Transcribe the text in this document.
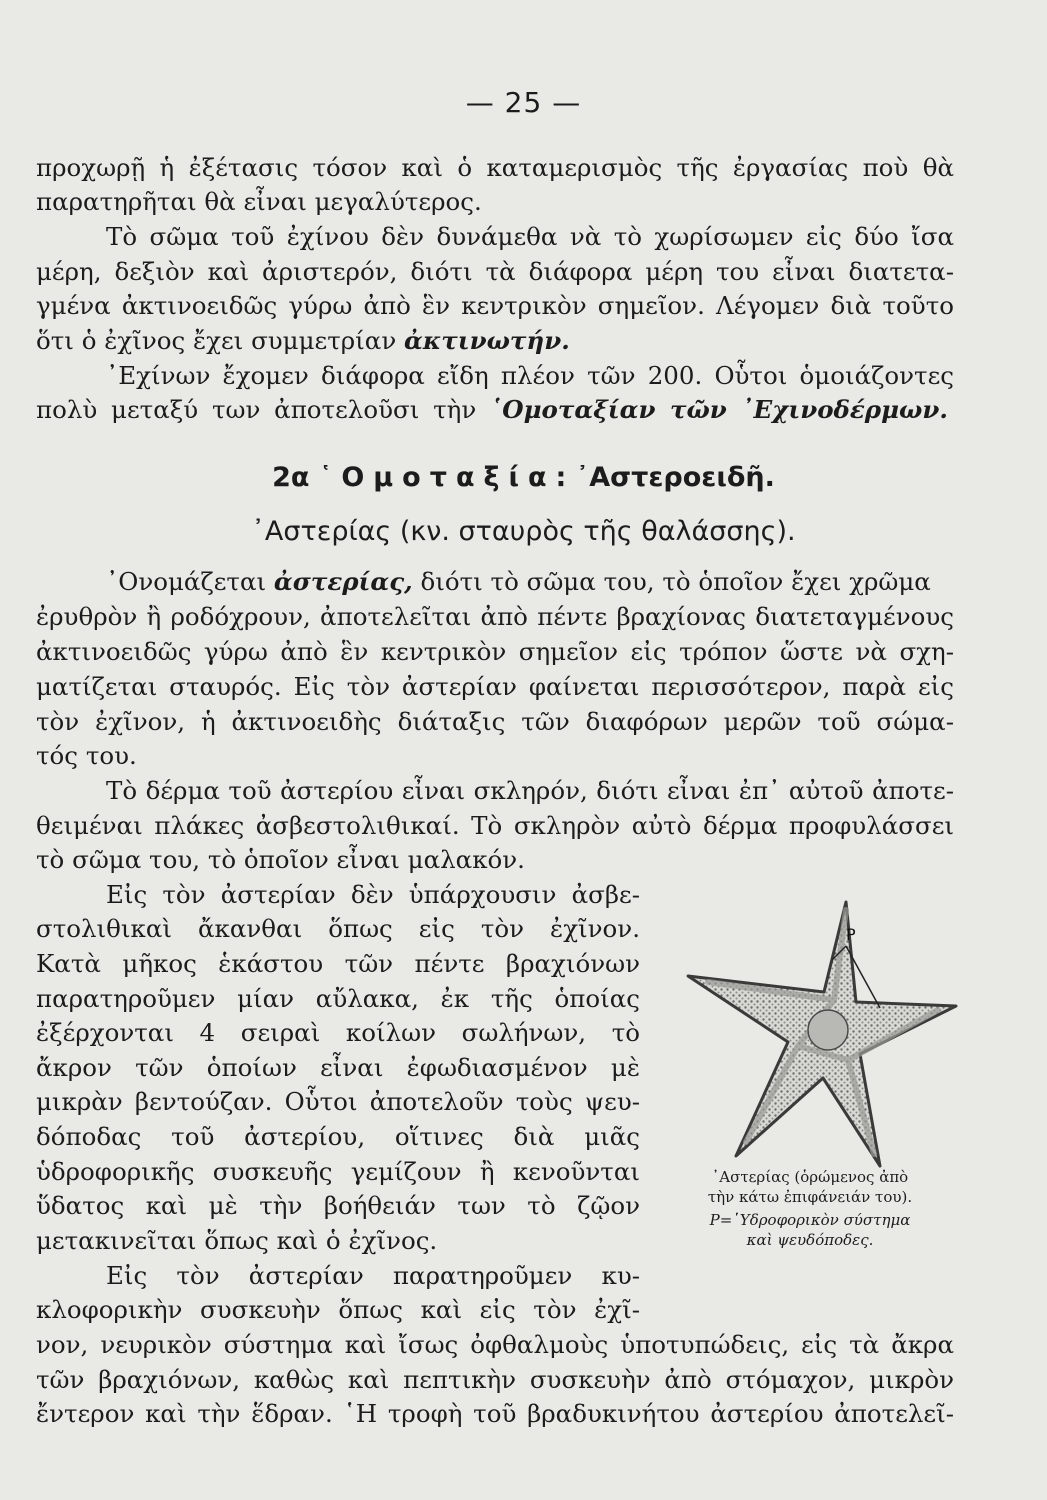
— 25 —
προχωρῇ ἡ ἐξέτασις τόσον καὶ ὁ καταμερισμὸς τῆς ἐργασίας ποὺ θὰ
παρατηρῆται θὰ εἶναι μεγαλύτερος.
Τὸ σῶμα τοῦ ἐχίνου δὲν δυνάμεθα νὰ τὸ χωρίσωμεν εἰς δύο ἴσα
μέρη, δεξιὸν καὶ ἀριστερόν, διότι τὰ διάφορα μέρη του εἶναι διατετα-
γμένα ἀκτινοειδῶς γύρω ἀπὸ ἓν κεντρικὸν σημεῖον. Λέγομεν διὰ τοῦτο
ὅτι ὁ ἐχῖνος ἔχει συμμετρίαν ἀκτινωτήν.
᾿Εχίνων ἔχομεν διάφορα εἴδη πλέον τῶν 200. Οὗτοι ὁμοιάζοντες
πολὺ μεταξύ των ἀποτελοῦσι τὴν ῾Ομοταξίαν τῶν ᾿Εχινοδέρμων.
2α ῾Ομοταξία: ᾿Αστεροειδῆ.
᾿Αστερίας (κν. σταυρὸς τῆς θαλάσσης).
᾿Ονομάζεται ἀστερίας, διότι τὸ σῶμα του, τὸ ὁποῖον ἔχει χρῶμα
ἐρυθρὸν ἢ ροδόχρουν, ἀποτελεῖται ἀπὸ πέντε βραχίονας διατεταγμένους
ἀκτινοειδῶς γύρω ἀπὸ ἓν κεντρικὸν σημεῖον εἰς τρόπον ὥστε νὰ σχη-
ματίζεται σταυρός. Εἰς τὸν ἀστερίαν φαίνεται περισσότερον, παρὰ εἰς
τὸν ἐχῖνον, ἡ ἀκτινοειδὴς διάταξις τῶν διαφόρων μερῶν τοῦ σώμα-
τός του.
Τὸ δέρμα τοῦ ἀστερίου εἶναι σκληρόν, διότι εἶναι ἐπ᾿ αὐτοῦ ἀποτε-
θειμέναι πλάκες ἀσβεστολιθικαί. Τὸ σκληρὸν αὐτὸ δέρμα προφυλάσσει
τὸ σῶμα του, τὸ ὁποῖον εἶναι μαλακόν.
Εἰς τὸν ἀστερίαν δὲν ὑπάρχουσιν ἀσβε-
στολιθικαὶ ἄκανθαι ὅπως εἰς τὸν ἐχῖνον.
Κατὰ μῆκος ἑκάστου τῶν πέντε βραχιόνων
παρατηροῦμεν μίαν αὔλακα, ἐκ τῆς ὁποίας
ἐξέρχονται 4 σειραὶ κοίλων σωλήνων, τὸ
ἄκρον τῶν ὁποίων εἶναι ἐφωδιασμένον μὲ
μικρὰν βεντούζαν. Οὗτοι ἀποτελοῦν τοὺς ψευ-
δόποδας τοῦ ἀστερίου, οἵτινες διὰ μιᾶς
ὑδροφορικῆς συσκευῆς γεμίζουν ἢ κενοῦνται
ὕδατος καὶ μὲ τὴν βοήθειάν των τὸ ζῷον
μετακινεῖται ὅπως καὶ ὁ ἐχῖνος.
Εἰς τὸν ἀστερίαν παρατηροῦμεν κυ-
κλοφορικὴν συσκευὴν ὅπως καὶ εἰς τὸν ἐχῖ-
νον, νευρικὸν σύστημα καὶ ἴσως ὀφθαλμοὺς ὑποτυπώδεις, εἰς τὰ ἄκρα
τῶν βραχιόνων, καθὼς καὶ πεπτικὴν συσκευὴν ἀπὸ στόμαχον, μικρὸν
ἔντερον καὶ τὴν ἕδραν. ῾Η τροφὴ τοῦ βραδυκινήτου ἀστερίου ἀποτελεῖ-
P
᾿Αστερίας (ὁρώμενος ἀπὸ
τὴν κάτω ἐπιφάνειάν του).
P=῾Υδροφορικὸν σύστημα
καὶ ψευδόποδες.
